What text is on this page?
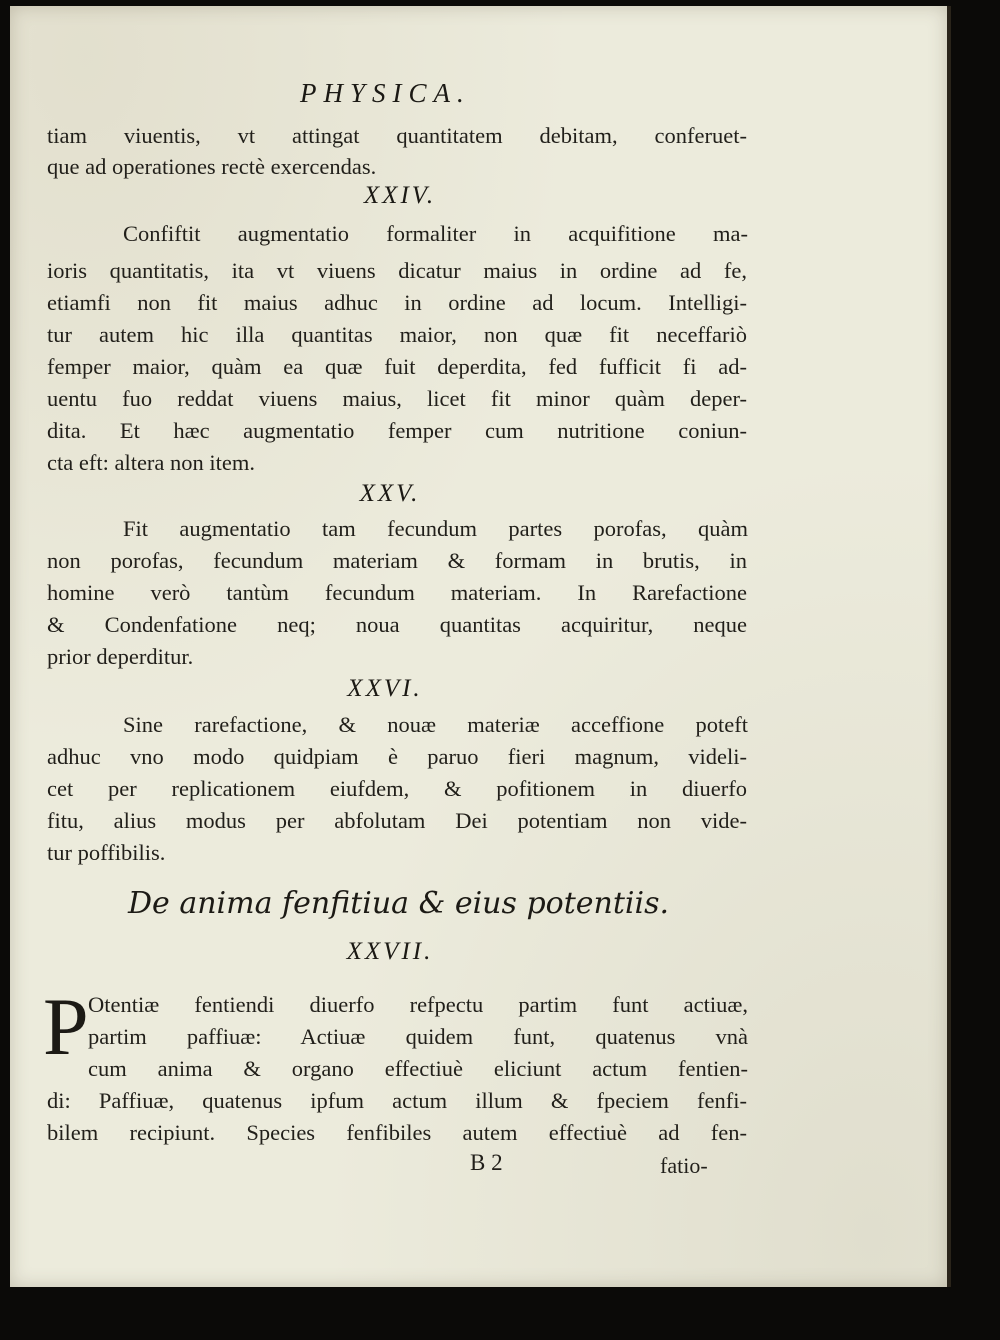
PHYSICA.
tiam viuentis, vt attingat quantitatem debitam, conferuet-
que ad operationes rectè exercendas.
XXIV.
Confiftit augmentatio formaliter in acquifitione ma-
ioris quantitatis, ita vt viuens dicatur maius in ordine ad fe,
etiamfi non fit maius adhuc in ordine ad locum. Intelligi-
tur autem hic illa quantitas maior, non quæ fit neceffariò
femper maior, quàm ea quæ fuit deperdita, fed fufficit fi ad-
uentu fuo reddat viuens maius, licet fit minor quàm deper-
dita. Et hæc augmentatio femper cum nutritione coniun-
cta eft: altera non item.
XXV.
Fit augmentatio tam fecundum partes porofas, quàm
non porofas, fecundum materiam & formam in brutis, in
homine verò tantùm fecundum materiam. In Rarefactione
& Condenfatione neq; noua quantitas acquiritur, neque
prior deperditur.
XXVI.
Sine rarefactione, & nouæ materiæ acceffione poteft
adhuc vno modo quidpiam è paruo fieri magnum, videli-
cet per replicationem eiufdem, & pofitionem in diuerfo
fitu, alius modus per abfolutam Dei potentiam non vide-
tur poffibilis.
De anima fenfitiua & eius potentiis.
XXVII.
P Otentiæ fentiendi diuerfo refpectu partim funt actiuæ,
partim paffiuæ: Actiuæ quidem funt, quatenus vnà
cum anima & organo effectiuè eliciunt actum fentien-
di: Paffiuæ, quatenus ipfum actum illum & fpeciem fenfi-
bilem recipiunt. Species fenfibiles autem effectiuè ad fen-
B 2	fatio-
